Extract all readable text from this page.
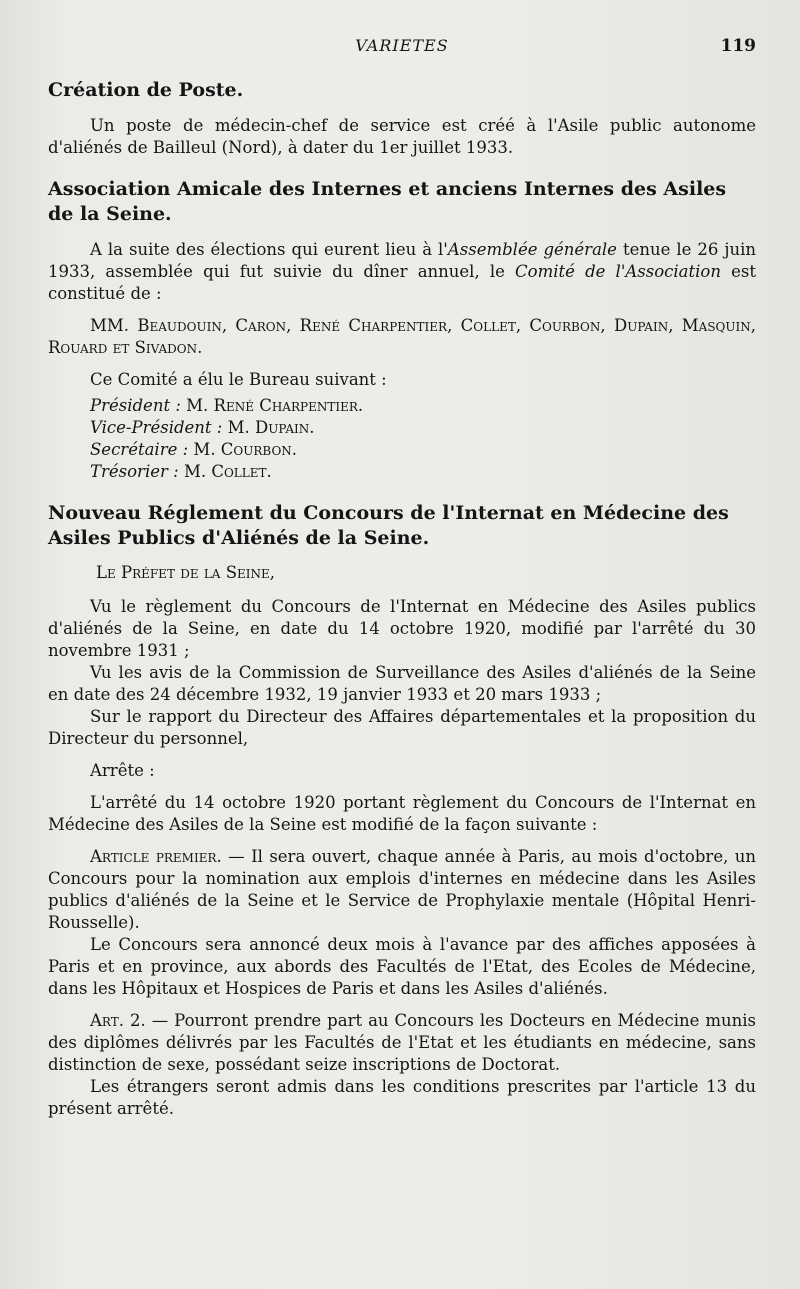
VARIETES	119
Création de Poste.

Un poste de médecin-chef de service est créé à l'Asile public autonome d'aliénés de Bailleul (Nord), à dater du 1er juillet 1933.

Association Amicale des Internes et anciens Internes des Asiles de la Seine.

A la suite des élections qui eurent lieu à l'Assemblée générale tenue le 26 juin 1933, assemblée qui fut suivie du dîner annuel, le Comité de l'Association est constitué de :

MM. Beaudouin, Caron, René Charpentier, Collet, Courbon, Dupain, Masquin, Rouard et Sivadon.

Ce Comité a élu le Bureau suivant :

Président : M. René Charpentier.
Vice-Président : M. Dupain.
Secrétaire : M. Courbon.
Trésorier : M. Collet.
Nouveau Réglement du Concours de l'Internat en Médecine des Asiles Publics d'Aliénés de la Seine.
Le Préfet de la Seine,

Vu le règlement du Concours de l'Internat en Médecine des Asiles publics d'aliénés de la Seine, en date du 14 octobre 1920, modifié par l'arrêté du 30 novembre 1931 ;

Vu les avis de la Commission de Surveillance des Asiles d'aliénés de la Seine en date des 24 décembre 1932, 19 janvier 1933 et 20 mars 1933 ;

Sur le rapport du Directeur des Affaires départementales et la proposition du Directeur du personnel,

Arrête :

L'arrêté du 14 octobre 1920 portant règlement du Concours de l'Internat en Médecine des Asiles de la Seine est modifié de la façon suivante :

Article premier. — Il sera ouvert, chaque année à Paris, au mois d'octobre, un Concours pour la nomination aux emplois d'internes en médecine dans les Asiles publics d'aliénés de la Seine et le Service de Prophylaxie mentale (Hôpital Henri-Rousselle).

Le Concours sera annoncé deux mois à l'avance par des affiches apposées à Paris et en province, aux abords des Facultés de l'Etat, des Ecoles de Médecine, dans les Hôpitaux et Hospices de Paris et dans les Asiles d'aliénés.

Art. 2. — Pourront prendre part au Concours les Docteurs en Médecine munis des diplômes délivrés par les Facultés de l'Etat et les étudiants en médecine, sans distinction de sexe, possédant seize inscriptions de Doctorat.

Les étrangers seront admis dans les conditions prescrites par l'article 13 du présent arrêté.
